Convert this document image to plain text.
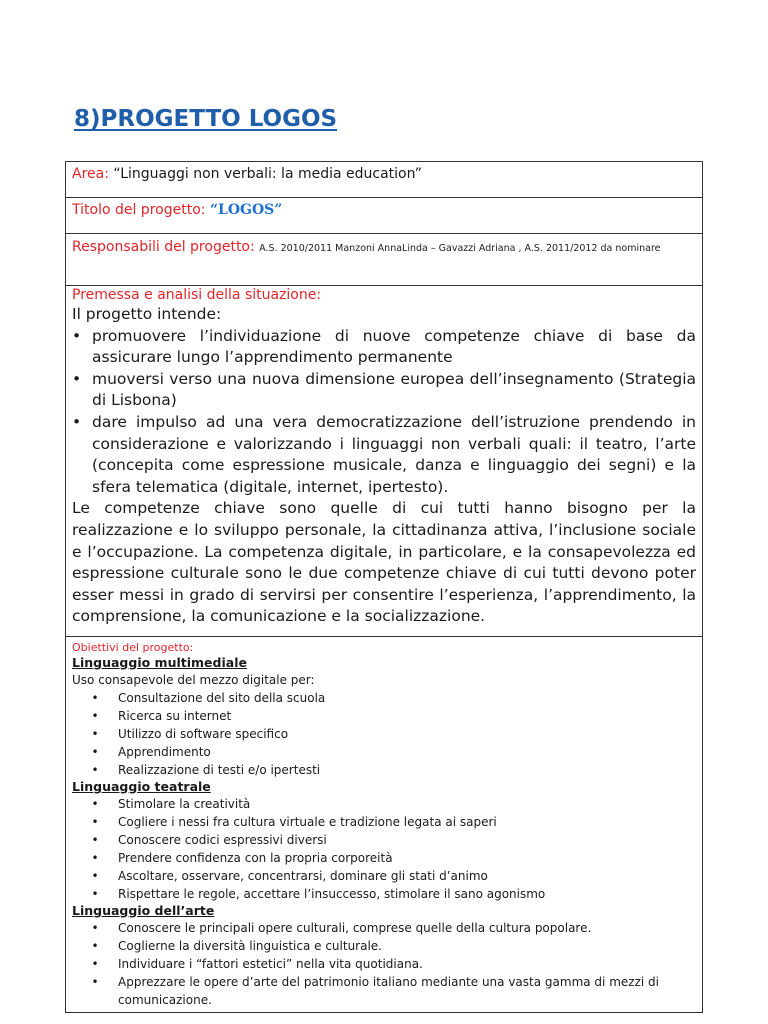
8)PROGETTO LOGOS
Area: “Linguaggi non verbali: la media education”
Titolo del progetto: “LOGOS”
Responsabili del progetto: A.S. 2010/2011 Manzoni AnnaLinda – Gavazzi Adriana , A.S. 2011/2012 da nominare

Premessa e analisi della situazione:
Il progetto intende:
• promuovere l’individuazione di nuove competenze chiave di base da assicurare lungo l’apprendimento permanente
• muoversi verso una nuova dimensione europea dell’insegnamento (Strategia di Lisbona)
• dare impulso ad una vera democratizzazione dell’istruzione prendendo in considerazione e valorizzando i linguaggi non verbali quali: il teatro, l’arte (concepita come espressione musicale, danza e linguaggio dei segni) e la sfera telematica (digitale, internet, ipertesto).
Le competenze chiave sono quelle di cui tutti hanno bisogno per la realizzazione e lo sviluppo personale, la cittadinanza attiva, l’inclusione sociale e l’occupazione. La competenza digitale, in particolare, e la consapevolezza ed espressione culturale sono le due competenze chiave di cui tutti devono poter esser messi in grado di servirsi per consentire l’esperienza, l’apprendimento, la comprensione, la comunicazione e la socializzazione.

Obiettivi del progetto:
Linguaggio multimediale
Uso consapevole del mezzo digitale per:
•	Consultazione del sito della scuola
•	Ricerca su internet
•	Utilizzo di software specifico
•	Apprendimento
•	Realizzazione di testi e/o ipertesti
Linguaggio teatrale
•	Stimolare la creatività
•	Cogliere i nessi fra cultura virtuale e tradizione legata ai saperi
•	Conoscere codici espressivi diversi
•	Prendere confidenza con la propria corporeità
•	Ascoltare, osservare, concentrarsi, dominare gli stati d’animo
•	Rispettare le regole, accettare l’insuccesso, stimolare il sano agonismo
Linguaggio dell’arte
•	Conoscere le principali opere culturali, comprese quelle della cultura popolare.
•	Coglierne la diversità linguistica e culturale.
•	Individuare i “fattori estetici” nella vita quotidiana.
•	Apprezzare le opere d’arte del patrimonio italiano mediante una vasta gamma di mezzi di comunicazione.
